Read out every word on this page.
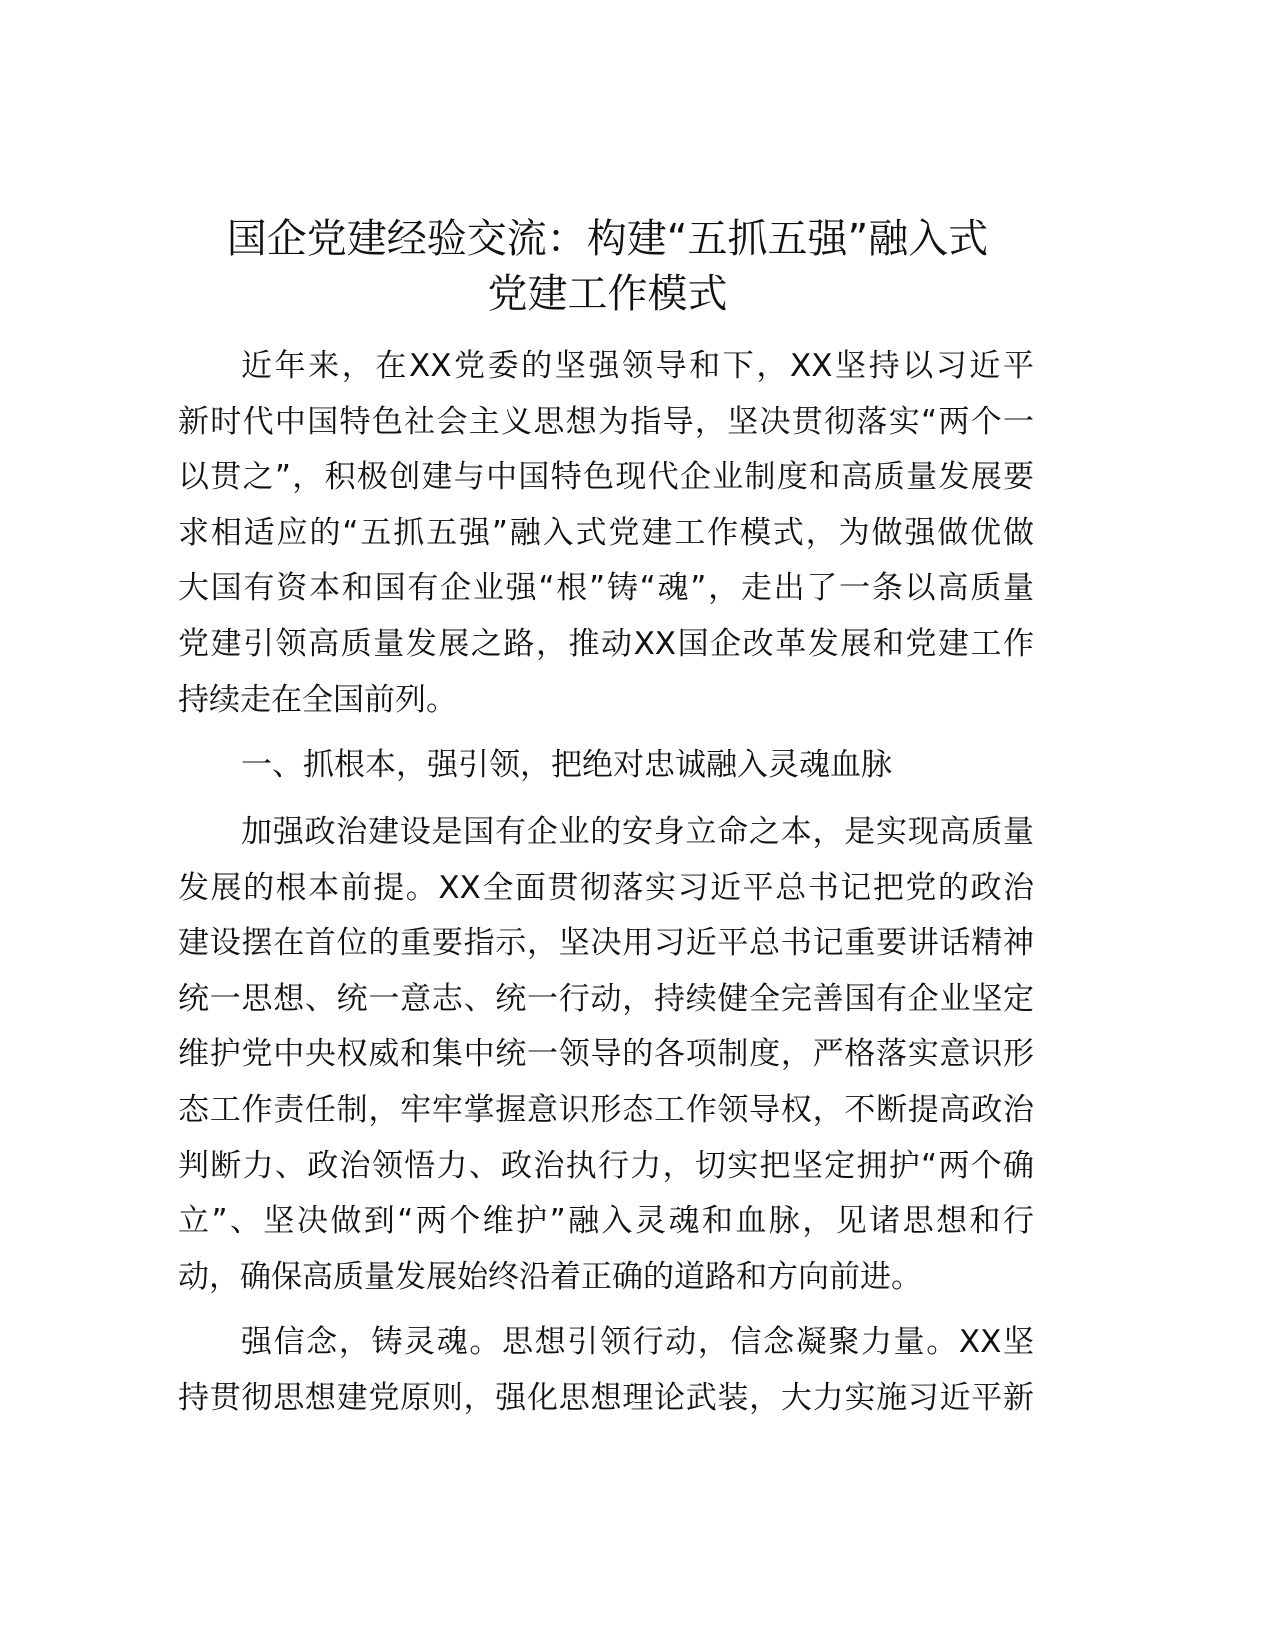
国企党建经验交流：构建“五抓五强”融入式
党建工作模式
近年来，在XX党委的坚强领导和下，XX坚持以习近平
新时代中国特色社会主义思想为指导，坚决贯彻落实“两个一
以贯之”，积极创建与中国特色现代企业制度和高质量发展要
求相适应的“五抓五强”融入式党建工作模式，为做强做优做
大国有资本和国有企业强“根”铸“魂”，走出了一条以高质量
党建引领高质量发展之路，推动XX国企改革发展和党建工作
持续走在全国前列。
一、抓根本，强引领，把绝对忠诚融入灵魂血脉
加强政治建设是国有企业的安身立命之本，是实现高质量
发展的根本前提。XX全面贯彻落实习近平总书记把党的政治
建设摆在首位的重要指示，坚决用习近平总书记重要讲话精神
统一思想、统一意志、统一行动，持续健全完善国有企业坚定
维护党中央权威和集中统一领导的各项制度，严格落实意识形
态工作责任制，牢牢掌握意识形态工作领导权，不断提高政治
判断力、政治领悟力、政治执行力，切实把坚定拥护“两个确
立”、坚决做到“两个维护”融入灵魂和血脉，见诸思想和行
动，确保高质量发展始终沿着正确的道路和方向前进。
强信念，铸灵魂。思想引领行动，信念凝聚力量。XX坚
持贯彻思想建党原则，强化思想理论武装，大力实施习近平新
